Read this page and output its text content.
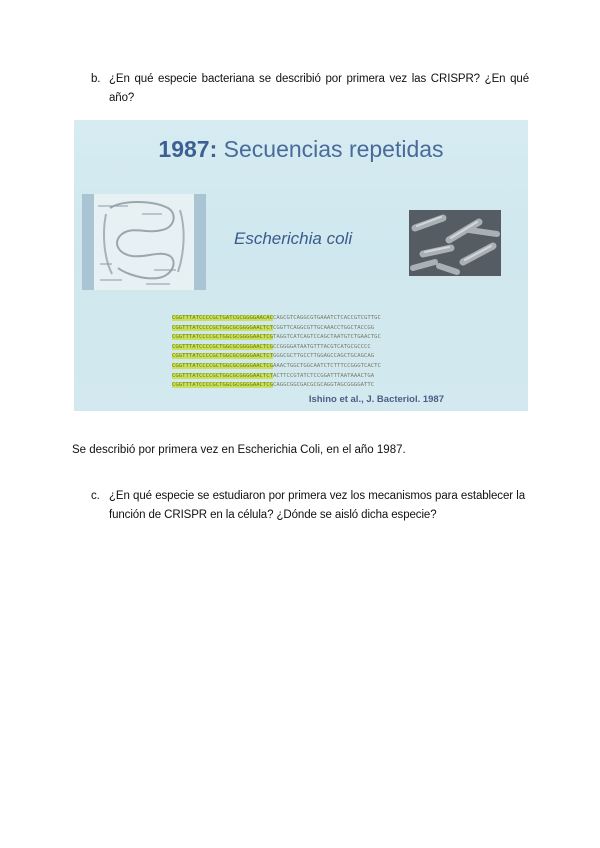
b. ¿En qué especie bacteriana se describió por primera vez las CRISPR? ¿En qué año?
1987: Secuencias repetidas
Escherichia coli
CGGTTTATCCCCGCTGATCGCGGGGAACACCAGCGTCAGGCGTGAAATCTCACCGTCGTTGC
CGGTTTATCCCCGCTGGCGCGGGGAACTCTCGGTTCAGGCGTTGCAAACCTGGCTACCGG
CGGTTTATCCCCGCTGGCGCGGGGAACTCGTAGGTCATCAGTCCAGCTAATGTCTGAACTGC
CGGTTTATCCCCGCTGGCGCGGGGAACTCGCCGGGGATAATGTTTACGTCATGCGCCCC
CGGTTTATCCCCGCTGGCGCGGGGAACTCTGGGCGCTTGCCTTGGAGCCAGCTGCAGCAG
CGGTTTATCCCCGCTGGCGCGGGGAACTCGAAACTGGCTGGCAATCTCTTTCCGGGTCACTC
CGGTTTATCCCCGCTGGCGCGGGGAACTCTACTTCCGTATCTCCGGATTTAATAAACTGA
CGGTTTATCCCCGCTGGCGCGGGGAACTCGCAGGCGGCGACGCGCAGGTAGCGGGGATTC
Ishino et al., J. Bacteriol. 1987
Se describió por primera vez en Escherichia Coli, en el año 1987.
c. ¿En qué especie se estudiaron por primera vez los mecanismos para establecer la función de CRISPR en la célula? ¿Dónde se aisló dicha especie?
